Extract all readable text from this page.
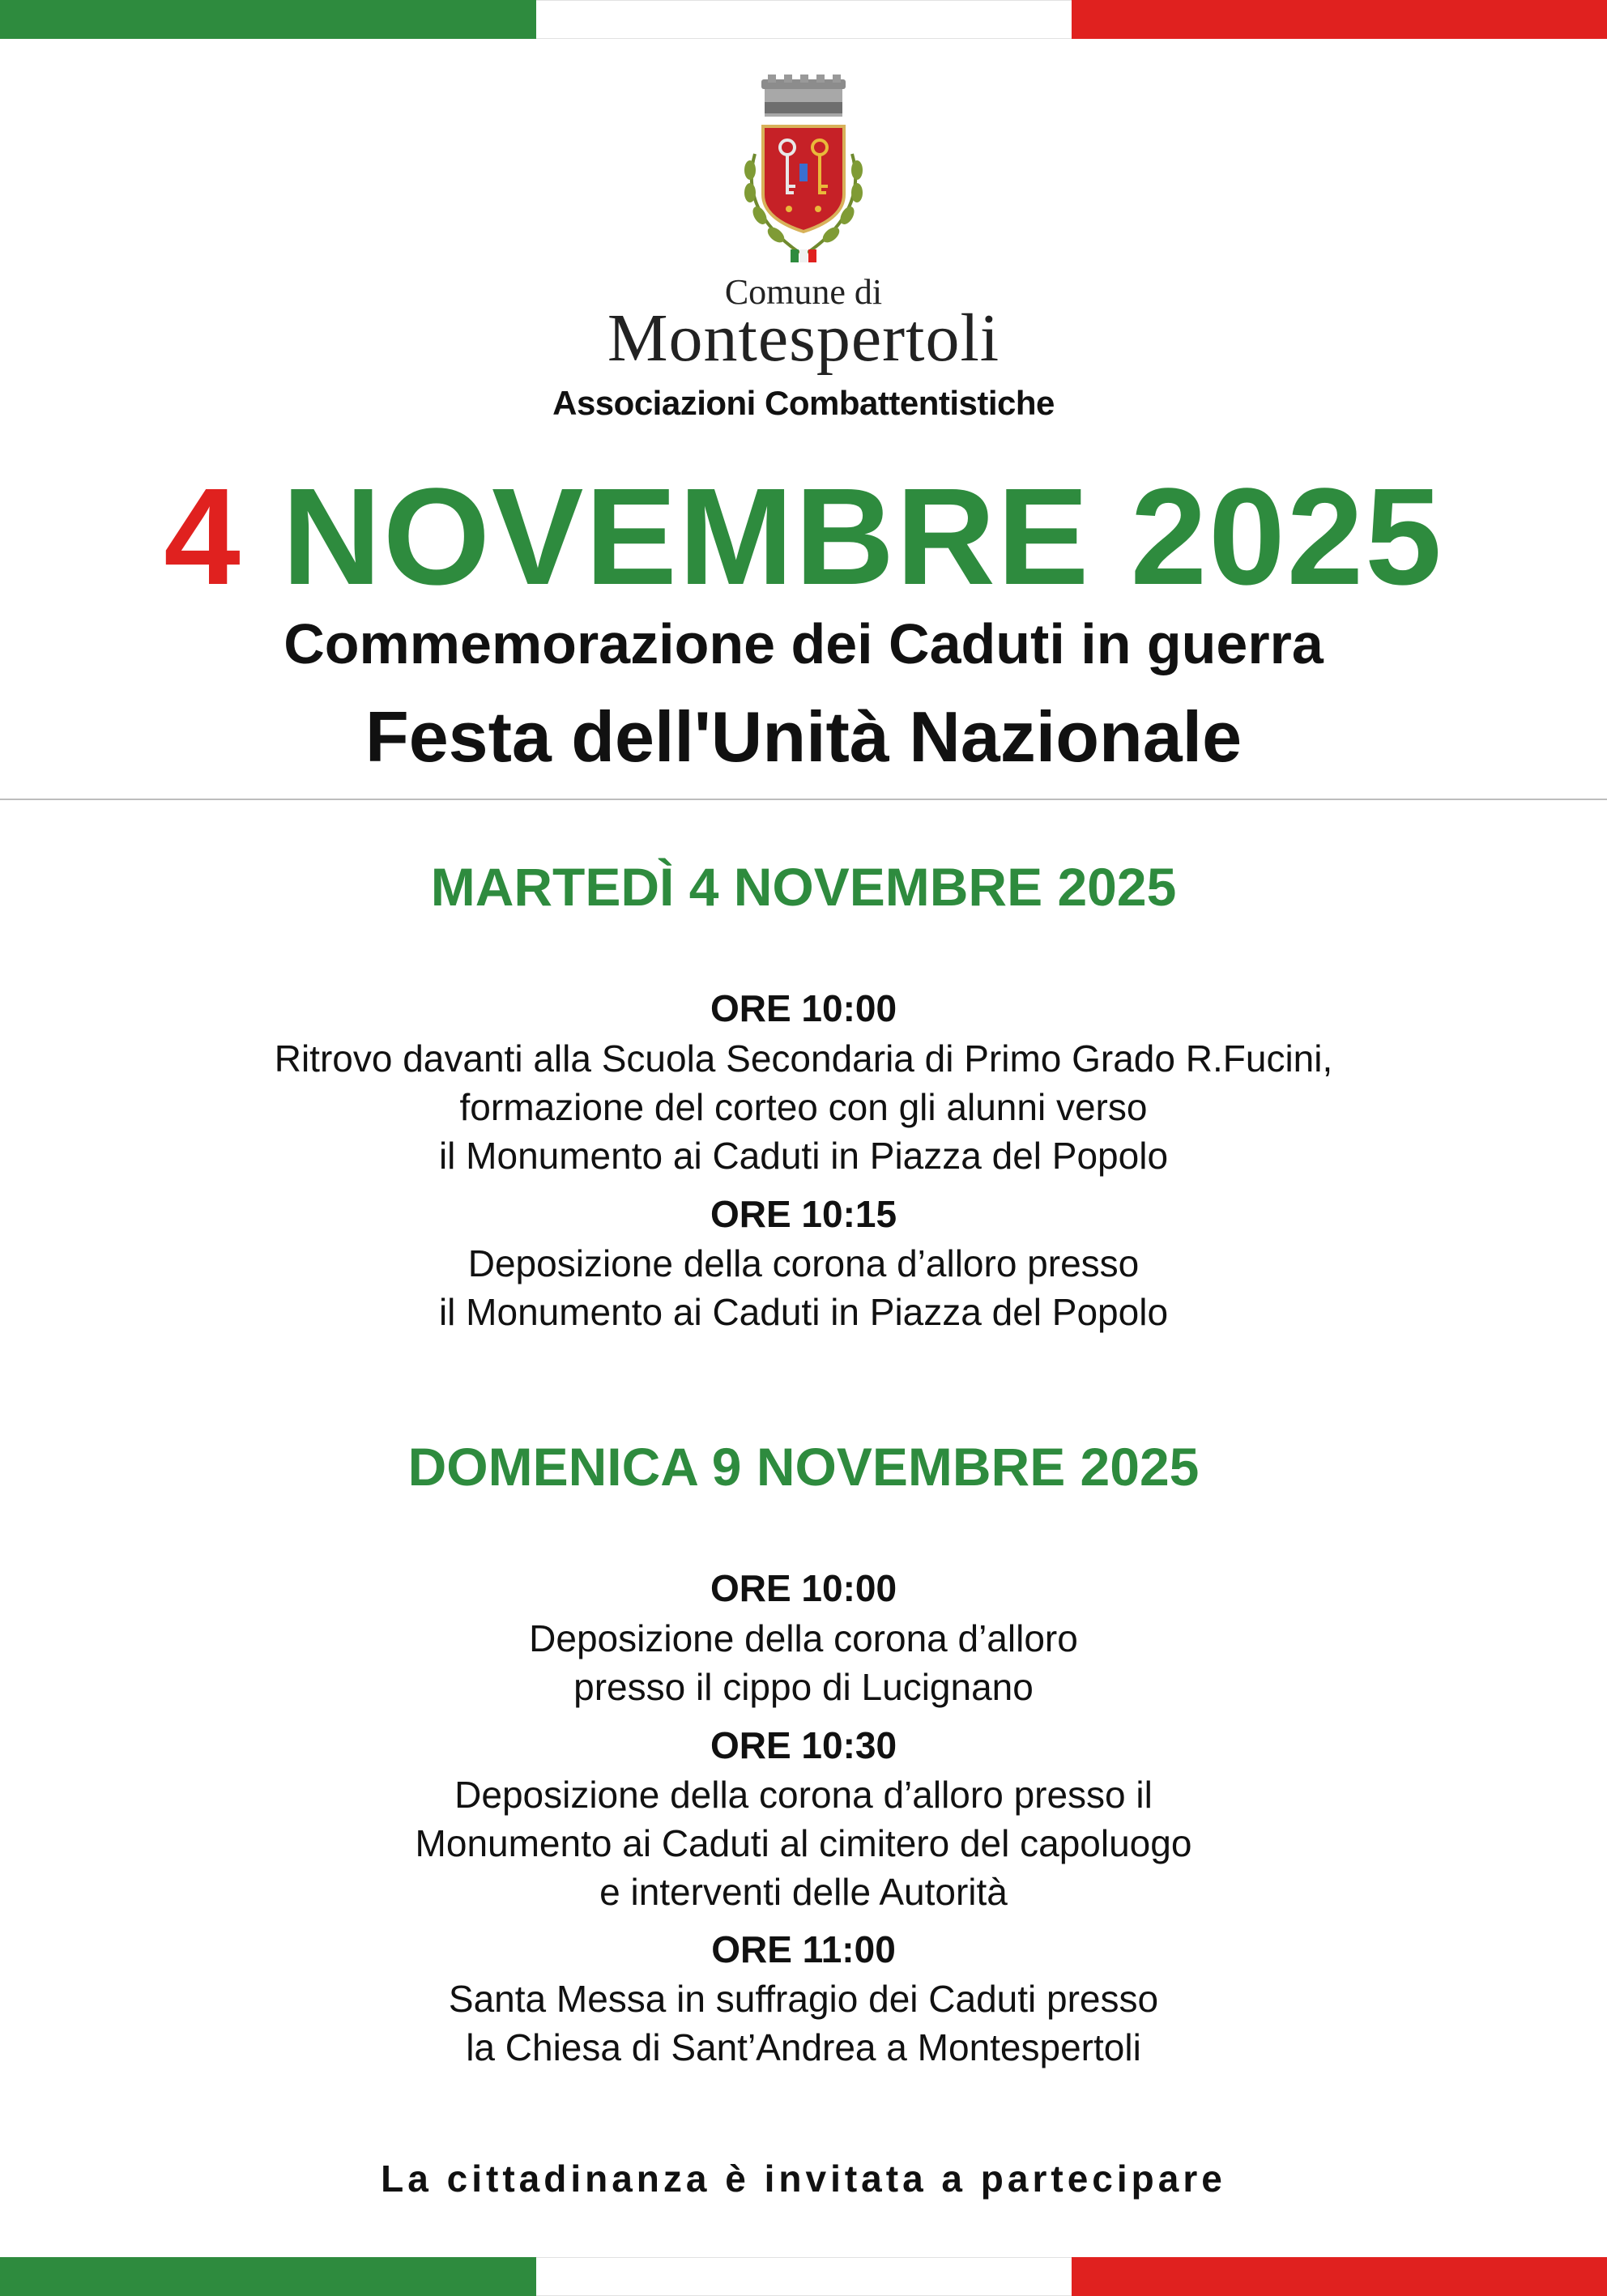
Comune di
Montespertoli
Associazioni Combattentistiche
4 NOVEMBRE 2025
Commemorazione dei Caduti in guerra
Festa dell'Unità Nazionale
MARTEDÌ 4 NOVEMBRE 2025
ORE 10:00
Ritrovo davanti alla Scuola Secondaria di Primo Grado R.Fucini,
formazione del corteo con gli alunni verso
il Monumento ai Caduti in Piazza del Popolo
ORE 10:15
Deposizione della corona d’alloro presso
il Monumento ai Caduti in Piazza del Popolo
DOMENICA 9 NOVEMBRE 2025
ORE 10:00
Deposizione della corona d’alloro
presso il cippo di Lucignano
ORE 10:30
Deposizione della corona d’alloro presso il
Monumento ai Caduti al cimitero del capoluogo
e interventi delle Autorità
ORE 11:00
Santa Messa in suffragio dei Caduti presso
la Chiesa di Sant’Andrea a Montespertoli
La cittadinanza è invitata a partecipare
